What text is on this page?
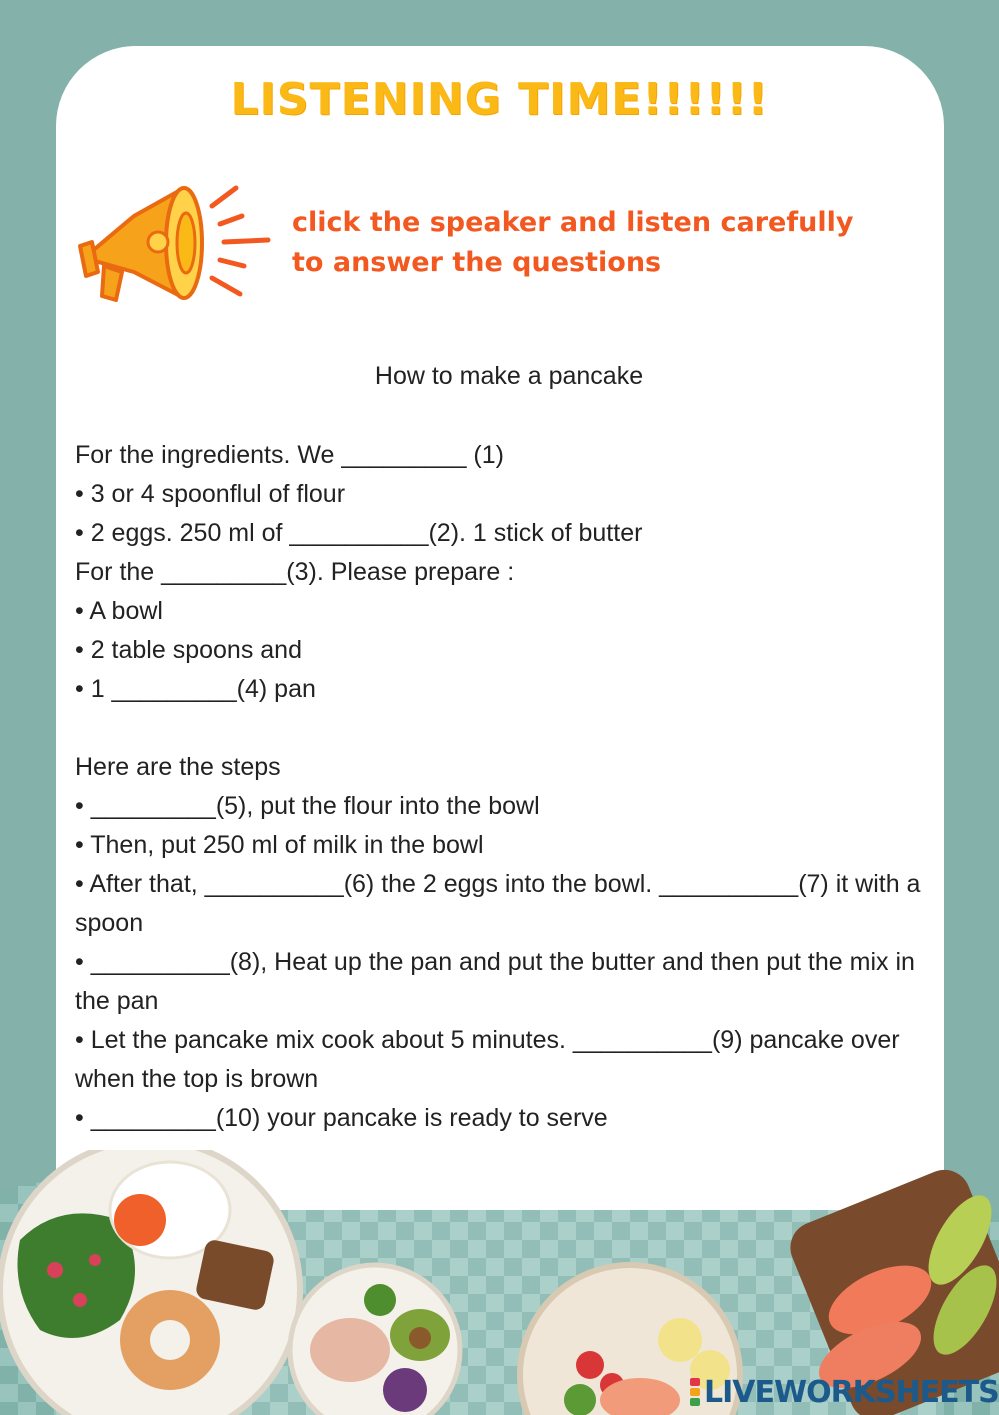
LISTENING TIME!!!!!!
click the speaker and listen carefully
to answer the questions
How to make a pancake
For the ingredients. We _________ (1)
• 3 or 4 spoonflul of flour
• 2 eggs. 250 ml of __________(2). 1 stick of butter
For the _________(3). Please prepare :
• A bowl
• 2 table spoons and
• 1 _________(4) pan
Here are the steps
• _________(5), put the flour into the bowl
• Then, put 250 ml of milk in the bowl
• After that, __________(6) the 2 eggs into the bowl. __________(7) it with a spoon
• __________(8), Heat up the pan and put the butter and then put the mix in the pan
• Let the pancake mix cook about 5 minutes. __________(9) pancake over when the top is brown
• _________(10) your pancake is ready to serve
LIVEWORKSHEETS
